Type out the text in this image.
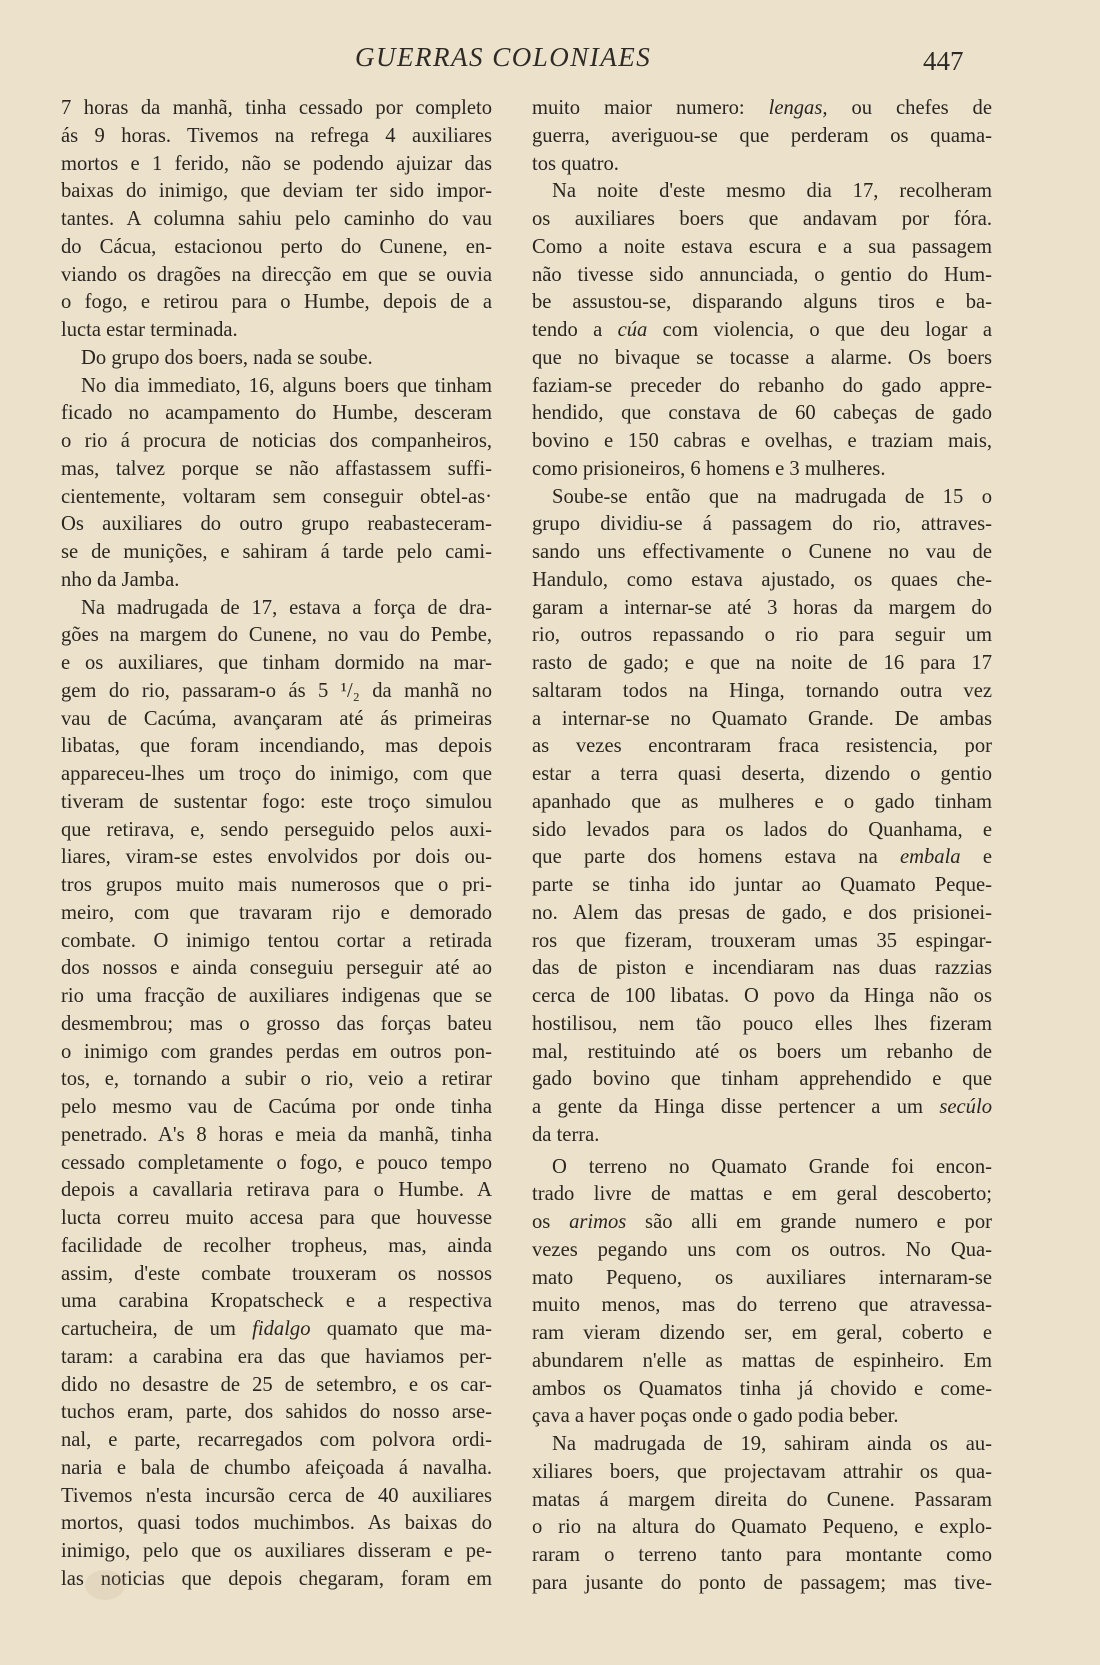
GUERRAS COLONIAES	447
7 horas da manhã, tinha cessado por completo
ás 9 horas. Tivemos na refrega 4 auxiliares
mortos e 1 ferido, não se podendo ajuizar das
baixas do inimigo, que deviam ter sido impor-
tantes. A columna sahiu pelo caminho do vau
do Cácua, estacionou perto do Cunene, en-
viando os dragões na direcção em que se ouvia
o fogo, e retirou para o Humbe, depois de a
lucta estar terminada.
Do grupo dos boers, nada se soube.
No dia immediato, 16, alguns boers que tinham
ficado no acampamento do Humbe, desceram
o rio á procura de noticias dos companheiros,
mas, talvez porque se não affastassem suffi-
cientemente, voltaram sem conseguir obtel-as·
Os auxiliares do outro grupo reabasteceram-
se de munições, e sahiram á tarde pelo cami-
nho da Jamba.
Na madrugada de 17, estava a força de dra-
gões na margem do Cunene, no vau do Pembe,
e os auxiliares, que tinham dormido na mar-
gem do rio, passaram-o ás 5 ¹/₂ da manhã no
vau de Cacúma, avançaram até ás primeiras
libatas, que foram incendiando, mas depois
appareceu-lhes um troço do inimigo, com que
tiveram de sustentar fogo: este troço simulou
que retirava, e, sendo perseguido pelos auxi-
liares, viram-se estes envolvidos por dois ou-
tros grupos muito mais numerosos que o pri-
meiro, com que travaram rijo e demorado
combate. O inimigo tentou cortar a retirada
dos nossos e ainda conseguiu perseguir até ao
rio uma fracção de auxiliares indigenas que se
desmembrou; mas o grosso das forças bateu
o inimigo com grandes perdas em outros pon-
tos, e, tornando a subir o rio, veio a retirar
pelo mesmo vau de Cacúma por onde tinha
penetrado. A's 8 horas e meia da manhã, tinha
cessado completamente o fogo, e pouco tempo
depois a cavallaria retirava para o Humbe. A
lucta correu muito accesa para que houvesse
facilidade de recolher tropheus, mas, ainda
assim, d'este combate trouxeram os nossos
uma carabina Kropatscheck e a respectiva
cartucheira, de um fidalgo quamato que ma-
taram: a carabina era das que haviamos per-
dido no desastre de 25 de setembro, e os car-
tuchos eram, parte, dos sahidos do nosso arse-
nal, e parte, recarregados com polvora ordi-
naria e bala de chumbo afeiçoada á navalha.
Tivemos n'esta incursão cerca de 40 auxiliares
mortos, quasi todos muchimbos. As baixas do
inimigo, pelo que os auxiliares disseram e pe-
las noticias que depois chegaram, foram em
muito maior numero: lengas, ou chefes de
guerra, averiguou-se que perderam os quama-
tos quatro.
Na noite d'este mesmo dia 17, recolheram
os auxiliares boers que andavam por fóra.
Como a noite estava escura e a sua passagem
não tivesse sido annunciada, o gentio do Hum-
be assustou-se, disparando alguns tiros e ba-
tendo a cúa com violencia, o que deu logar a
que no bivaque se tocasse a alarme. Os boers
faziam-se preceder do rebanho do gado appre-
hendido, que constava de 60 cabeças de gado
bovino e 150 cabras e ovelhas, e traziam mais,
como prisioneiros, 6 homens e 3 mulheres.
Soube-se então que na madrugada de 15 o
grupo dividiu-se á passagem do rio, attraves-
sando uns effectivamente o Cunene no vau de
Handulo, como estava ajustado, os quaes che-
garam a internar-se até 3 horas da margem do
rio, outros repassando o rio para seguir um
rasto de gado; e que na noite de 16 para 17
saltaram todos na Hinga, tornando outra vez
a internar-se no Quamato Grande. De ambas
as vezes encontraram fraca resistencia, por
estar a terra quasi deserta, dizendo o gentio
apanhado que as mulheres e o gado tinham
sido levados para os lados do Quanhama, e
que parte dos homens estava na embala e
parte se tinha ido juntar ao Quamato Peque-
no. Alem das presas de gado, e dos prisionei-
ros que fizeram, trouxeram umas 35 espingar-
das de piston e incendiaram nas duas razzias
cerca de 100 libatas. O povo da Hinga não os
hostilisou, nem tão pouco elles lhes fizeram
mal, restituindo até os boers um rebanho de
gado bovino que tinham apprehendido e que
a gente da Hinga disse pertencer a um secúlo
da terra.
O terreno no Quamato Grande foi encon-
trado livre de mattas e em geral descoberto;
os arimos são alli em grande numero e por
vezes pegando uns com os outros. No Qua-
mato Pequeno, os auxiliares internaram-se
muito menos, mas do terreno que atravessa-
ram vieram dizendo ser, em geral, coberto e
abundarem n'elle as mattas de espinheiro. Em
ambos os Quamatos tinha já chovido e come-
çava a haver poças onde o gado podia beber.
Na madrugada de 19, sahiram ainda os au-
xiliares boers, que projectavam attrahir os qua-
matas á margem direita do Cunene. Passaram
o rio na altura do Quamato Pequeno, e explo-
raram o terreno tanto para montante como
para jusante do ponto de passagem; mas tive-
